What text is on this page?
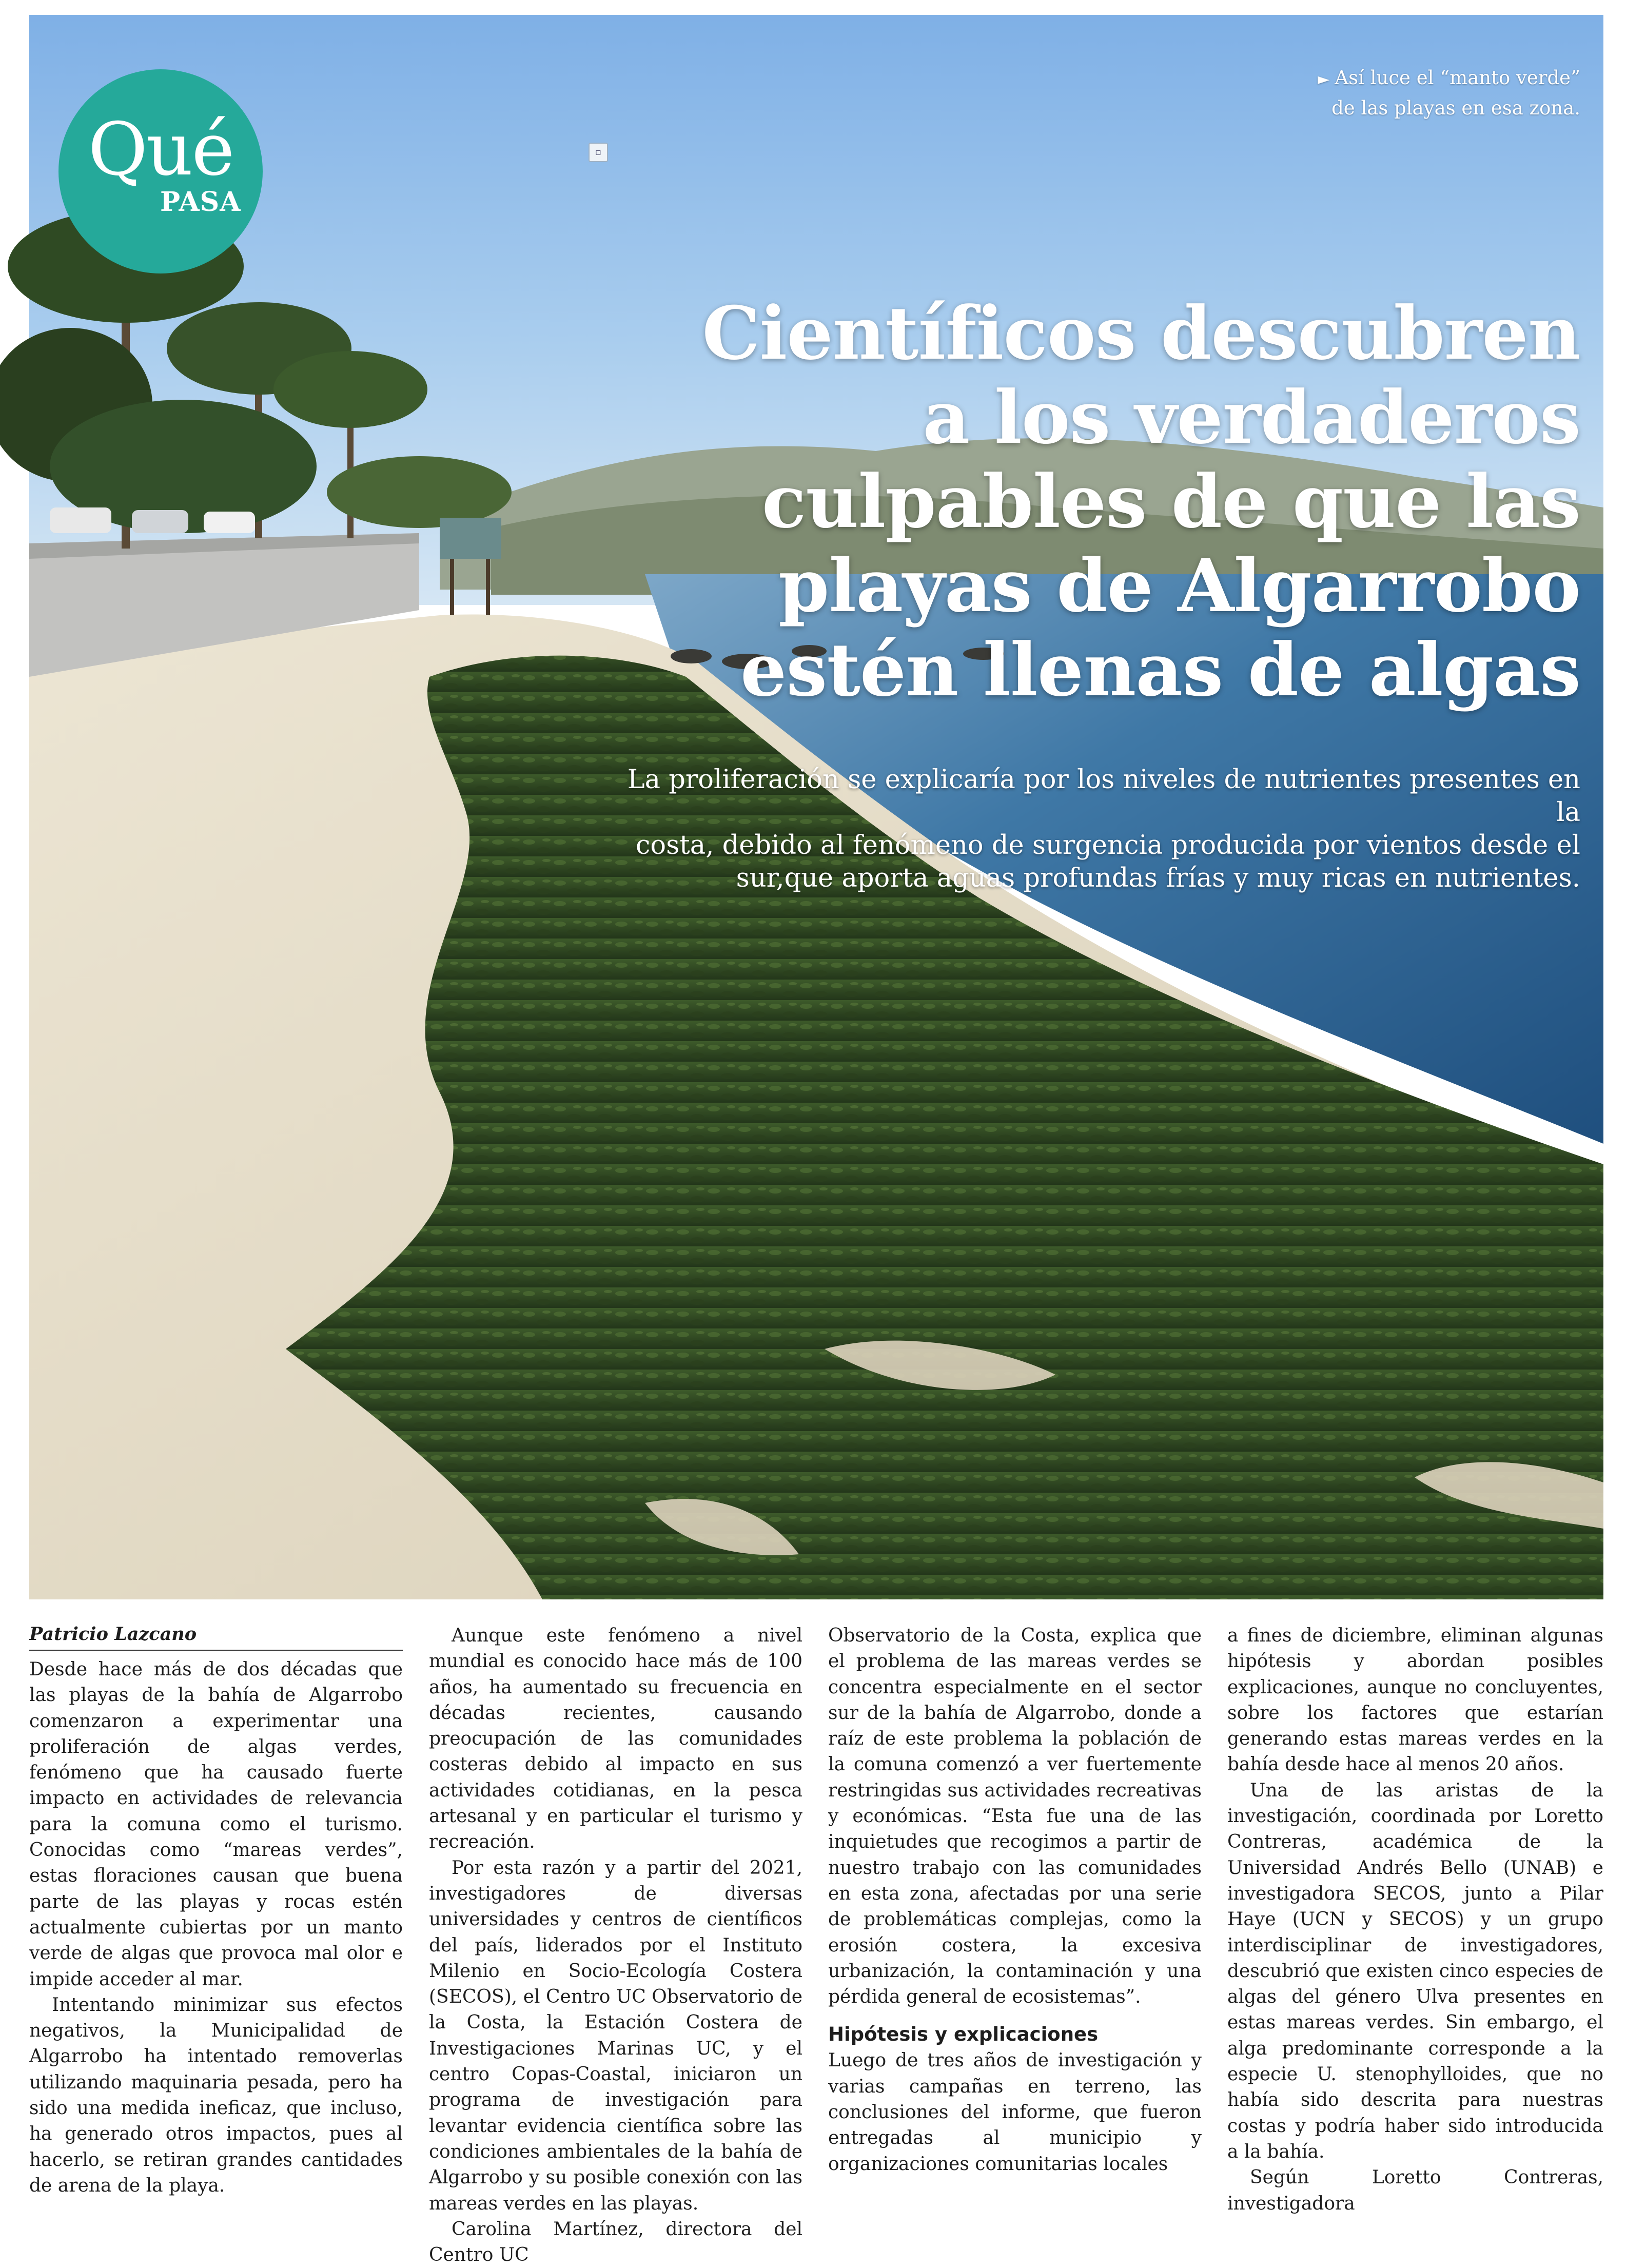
Qué
PASA
▫
► Así luce el “manto verde”
de las playas en esa zona.
Científicos descubren
a los verdaderos
culpables de que las
playas de Algarrobo
estén llenas de algas
La proliferación se explicaría por los niveles de nutrientes presentes en la
costa, debido al fenómeno de surgencia producida por vientos desde el
sur,que aporta aguas profundas frías y muy ricas en nutrientes.
Patricio Lazcano

Desde hace más de dos décadas que las playas de la bahía de Algarrobo comenzaron a experimentar una proliferación de algas verdes, fenómeno que ha causado fuerte impacto en actividades de relevancia para la comuna como el turismo. Conocidas como “mareas verdes”, estas floraciones causan que buena parte de las playas y rocas estén actualmente cubiertas por un manto verde de algas que provoca mal olor e impide acceder al mar.

Intentando minimizar sus efectos negativos, la Municipalidad de Algarrobo ha intentado removerlas utilizando maquinaria pesada, pero ha sido una medida ineficaz, que incluso, ha generado otros impactos, pues al hacerlo, se retiran grandes cantidades de arena de la playa.

Aunque este fenómeno a nivel mundial es conocido hace más de 100 años, ha aumentado su frecuencia en décadas recientes, causando preocupación de las comunidades costeras debido al impacto en sus actividades cotidianas, en la pesca artesanal y en particular el turismo y recreación.

Por esta razón y a partir del 2021, investigadores de diversas universidades y centros de científicos del país, liderados por el Instituto Milenio en Socio-Ecología Costera (SECOS), el Centro UC Observatorio de la Costa, la Estación Costera de Investigaciones Marinas UC, y el centro Copas-Coastal, iniciaron un programa de investigación para levantar evidencia científica sobre las condiciones ambientales de la bahía de Algarrobo y su posible conexión con las mareas verdes en las playas.

Carolina Martínez, directora del Centro UC

Observatorio de la Costa, explica que el problema de las mareas verdes se concentra especialmente en el sector sur de la bahía de Algarrobo, donde a raíz de este problema la población de la comuna comenzó a ver fuertemente restringidas sus actividades recreativas y económicas. “Esta fue una de las inquietudes que recogimos a partir de nuestro trabajo con las comunidades en esta zona, afectadas por una serie de problemáticas complejas, como la erosión costera, la excesiva urbanización, la contaminación y una pérdida general de ecosistemas”.

Hipótesis y explicaciones

Luego de tres años de investigación y varias campañas en terreno, las conclusiones del informe, que fueron entregadas al municipio y organizaciones comunitarias locales

a fines de diciembre, eliminan algunas hipótesis y abordan posibles explicaciones, aunque no concluyentes, sobre los factores que estarían generando estas mareas verdes en la bahía desde hace al menos 20 años.

Una de las aristas de la investigación, coordinada por Loretto Contreras, académica de la Universidad Andrés Bello (UNAB) e investigadora SECOS, junto a Pilar Haye (UCN y SECOS) y un grupo interdisciplinar de investigadores, descubrió que existen cinco especies de algas del género Ulva presentes en estas mareas verdes. Sin embargo, el alga predominante corresponde a la especie U. stenophylloides, que no había sido descrita para nuestras costas y podría haber sido introducida a la bahía.

Según Loretto Contreras, investigadora
